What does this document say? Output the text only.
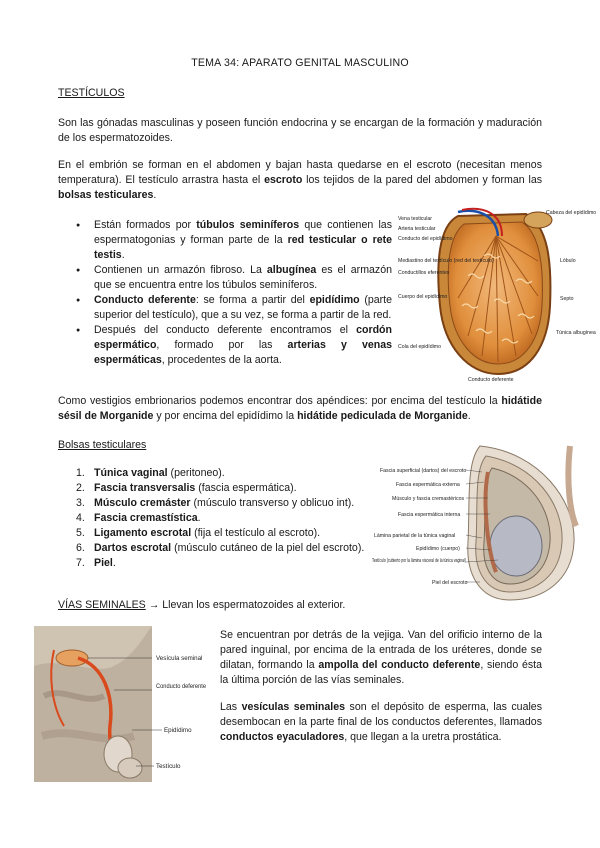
TEMA 34: APARATO GENITAL MASCULINO
TESTÍCULOS
Son las gónadas masculinas y poseen función endocrina y se encargan de la formación y maduración de los espermatozoides.
En el embrión se forman en el abdomen y bajan hasta quedarse en el escroto (necesitan menos temperatura). El testículo arrastra hasta el escroto los tejidos de la pared del abdomen y forman las bolsas testiculares.
● Están formados por túbulos seminíferos que contienen las espermatogonias y forman parte de la red testicular o rete testis.
● Contienen un armazón fibroso. La albugínea es el armazón que se encuentra entre los túbulos seminíferos.
● Conducto deferente: se forma a partir del epidídimo (parte superior del testículo), que a su vez, se forma a partir de la red.
● Después del conducto deferente encontramos el cordón espermático, formado por las arterias y venas espermáticas, procedentes de la aorta.
Vena testicular
Arteria testicular
Conducto del epidídimo
Mediastino del testículo (red del testículo)
Conductillos eferentes
Cuerpo del epidídimo
Cola del epidídimo
Cabeza del epidídimo
Lóbulo
Septo
Túnica albugínea
Conducto deferente
Como vestigios embrionarios podemos encontrar dos apéndices: por encima del testículo la hidátide sésil de Morganide y por encima del epidídimo la hidátide pediculada de Morganide.
Bolsas testiculares
1. Túnica vaginal (peritoneo).
2. Fascia transversalis (fascia espermática).
3. Músculo cremáster (músculo transverso y oblicuo int).
4. Fascia cremastística.
5. Ligamento escrotal (fija el testículo al escroto).
6. Dartos escrotal (músculo cutáneo de la piel del escroto).
7. Piel.
Fascia superficial (dartos) del escroto
Fascia espermática externa
Músculo y fascia cremastéricos
Fascia espermática interna
Lámina parietal de la túnica vaginal
Epidídimo (cuerpo)
Testículo (cubierto por la lámina visceral de la túnica vaginal)
Piel del escroto
VÍAS SEMINALES → Llevan los espermatozoides al exterior.
Vesícula seminal
Conducto deferente
Epidídimo
Testículo
Se encuentran por detrás de la vejiga. Van del orificio interno de la pared inguinal, por encima de la entrada de los uréteres, donde se dilatan, formando la ampolla del conducto deferente, siendo ésta la última porción de las vías seminales.
Las vesículas seminales son el depósito de esperma, las cuales desembocan en la parte final de los conductos deferentes, llamados conductos eyaculadores, que llegan a la uretra prostática.
